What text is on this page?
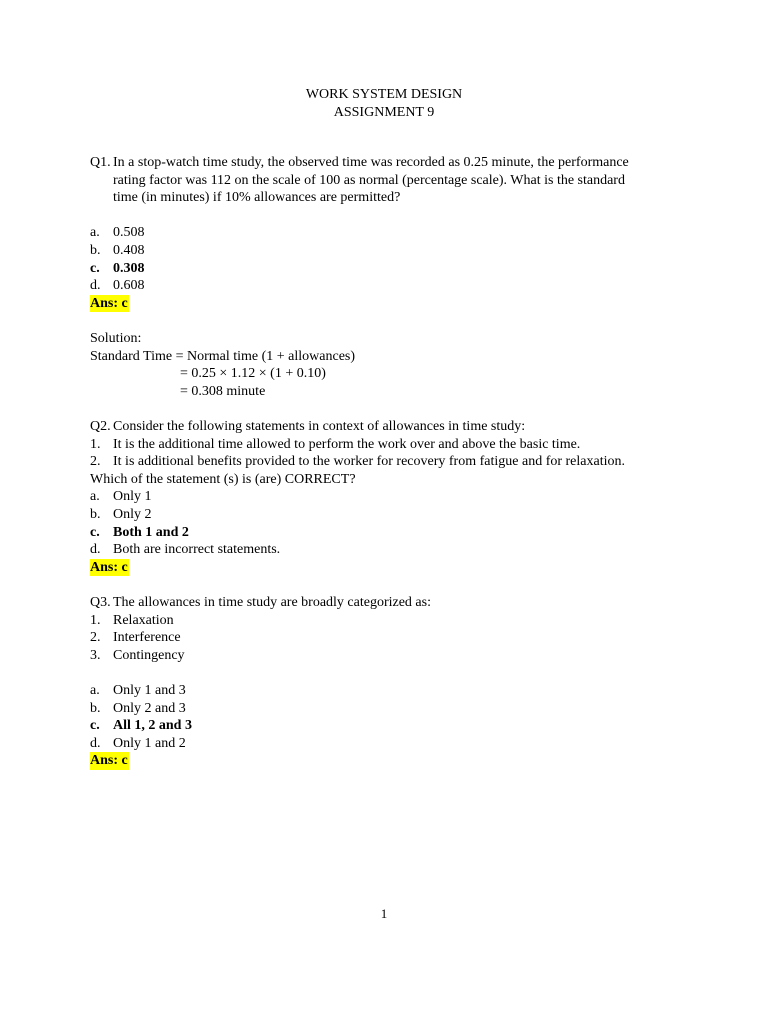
WORK SYSTEM DESIGN
ASSIGNMENT 9
Q1. In a stop-watch time study, the observed time was recorded as 0.25 minute, the performance
rating factor was 112 on the scale of 100 as normal (percentage scale). What is the standard
time (in minutes) if 10% allowances are permitted?
a. 0.508
b. 0.408
c. 0.308
d. 0.608
Ans: c
Solution:
Standard Time = Normal time (1 + allowances)
= 0.25 × 1.12 × (1 + 0.10)
= 0.308 minute
Q2. Consider the following statements in context of allowances in time study:
1. It is the additional time allowed to perform the work over and above the basic time.
2. It is additional benefits provided to the worker for recovery from fatigue and for relaxation.
Which of the statement (s) is (are) CORRECT?
a. Only 1
b. Only 2
c. Both 1 and 2
d. Both are incorrect statements.
Ans: c
Q3. The allowances in time study are broadly categorized as:
1. Relaxation
2. Interference
3. Contingency
a. Only 1 and 3
b. Only 2 and 3
c. All 1, 2 and 3
d. Only 1 and 2
Ans: c
1
